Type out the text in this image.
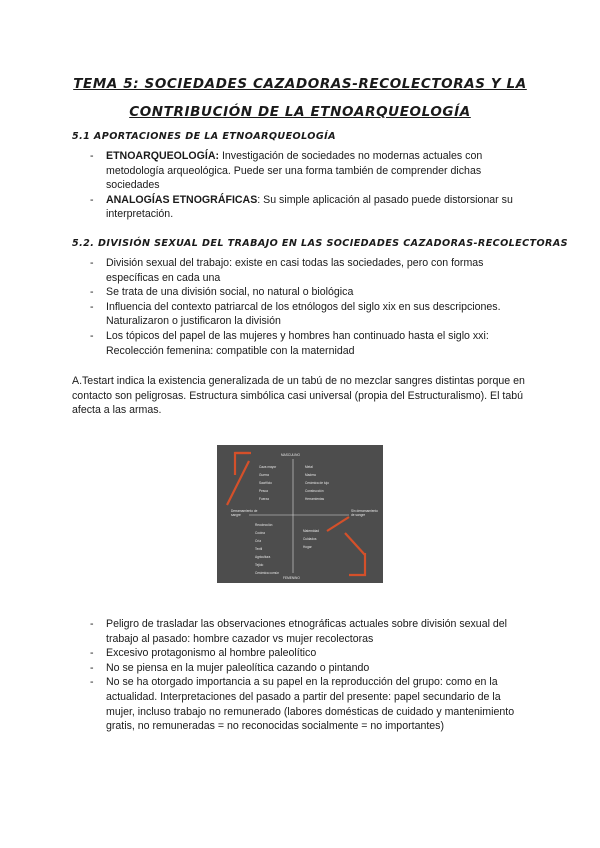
TEMA 5: SOCIEDADES CAZADORAS-RECOLECTORAS Y LA
CONTRIBUCIÓN DE LA ETNOARQUEOLOGÍA
5.1 APORTACIONES DE LA ETNOARQUEOLOGÍA
- ETNOARQUEOLOGÍA: Investigación de sociedades no modernas actuales con metodología arqueológica. Puede ser una forma también de comprender dichas sociedades
- ANALOGÍAS ETNOGRÁFICAS: Su simple aplicación al pasado puede distorsionar su interpretación.
5.2. DIVISIÓN SEXUAL DEL TRABAJO EN LAS SOCIEDADES CAZADORAS-RECOLECTORAS
- División sexual del trabajo: existe en casi todas las sociedades, pero con formas específicas en cada una
- Se trata de una división social, no natural o biológica
- Influencia del contexto patriarcal de los etnólogos del siglo xix en sus descripciones. Naturalizaron o justificaron la división
- Los tópicos del papel de las mujeres y hombres han continuado hasta el siglo xxi: Recolección femenina: compatible con la maternidad

A.Testart indica la existencia generalizada de un tabú de no mezclar sangres distintas porque en contacto son peligrosas. Estructura simbólica casi universal (propia del Estructuralismo). El tabú afecta a las armas.

MASCULINO
FEMENINO
Derramamiento de sangre
Sin derramamiento de sangre
Caza mayor
Guerra
Sacrificio
Pesca
Fuerza
Metal
Madera
Cerámica de lujo
Construcción
Herramientas
Recolección
Cocina
Cría
Textil
Agricultura
Tejido
Cerámica común
Maternidad
Cuidados
Hogar
- Peligro de trasladar las observaciones etnográficas actuales sobre división sexual del trabajo al pasado: hombre cazador vs mujer recolectoras
- Excesivo protagonismo al hombre paleolítico
- No se piensa en la mujer paleolítica cazando o pintando
- No se ha otorgado importancia a su papel en la reproducción del grupo: como en la actualidad. Interpretaciones del pasado a partir del presente: papel secundario de la mujer, incluso trabajo no remunerado (labores domésticas de cuidado y mantenimiento gratis, no remuneradas = no reconocidas socialmente = no importantes)
